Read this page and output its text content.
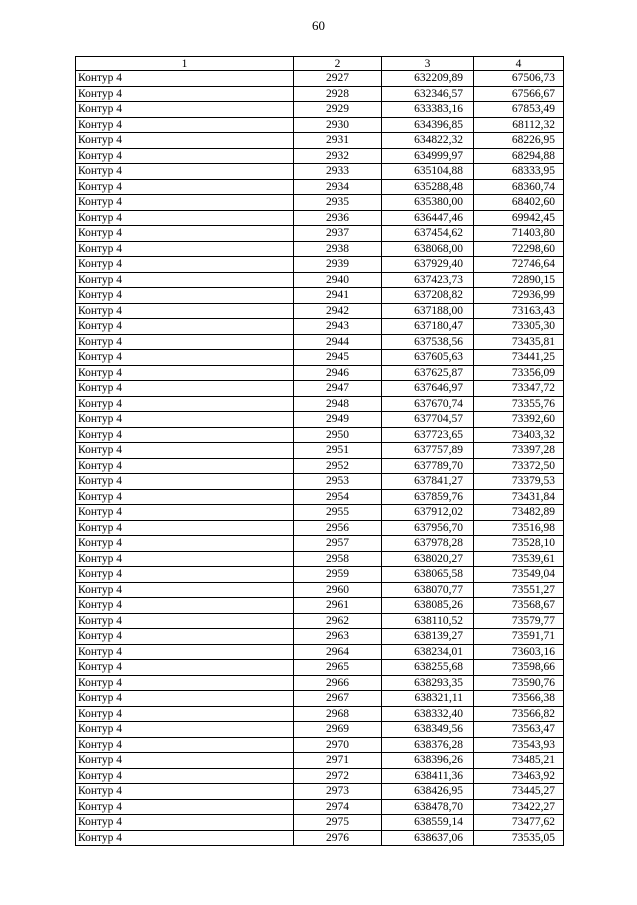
60
1	2	3	4
Контур 4	2927	632209,89	67506,73
Контур 4	2928	632346,57	67566,67
Контур 4	2929	633383,16	67853,49
Контур 4	2930	634396,85	68112,32
Контур 4	2931	634822,32	68226,95
Контур 4	2932	634999,97	68294,88
Контур 4	2933	635104,88	68333,95
Контур 4	2934	635288,48	68360,74
Контур 4	2935	635380,00	68402,60
Контур 4	2936	636447,46	69942,45
Контур 4	2937	637454,62	71403,80
Контур 4	2938	638068,00	72298,60
Контур 4	2939	637929,40	72746,64
Контур 4	2940	637423,73	72890,15
Контур 4	2941	637208,82	72936,99
Контур 4	2942	637188,00	73163,43
Контур 4	2943	637180,47	73305,30
Контур 4	2944	637538,56	73435,81
Контур 4	2945	637605,63	73441,25
Контур 4	2946	637625,87	73356,09
Контур 4	2947	637646,97	73347,72
Контур 4	2948	637670,74	73355,76
Контур 4	2949	637704,57	73392,60
Контур 4	2950	637723,65	73403,32
Контур 4	2951	637757,89	73397,28
Контур 4	2952	637789,70	73372,50
Контур 4	2953	637841,27	73379,53
Контур 4	2954	637859,76	73431,84
Контур 4	2955	637912,02	73482,89
Контур 4	2956	637956,70	73516,98
Контур 4	2957	637978,28	73528,10
Контур 4	2958	638020,27	73539,61
Контур 4	2959	638065,58	73549,04
Контур 4	2960	638070,77	73551,27
Контур 4	2961	638085,26	73568,67
Контур 4	2962	638110,52	73579,77
Контур 4	2963	638139,27	73591,71
Контур 4	2964	638234,01	73603,16
Контур 4	2965	638255,68	73598,66
Контур 4	2966	638293,35	73590,76
Контур 4	2967	638321,11	73566,38
Контур 4	2968	638332,40	73566,82
Контур 4	2969	638349,56	73563,47
Контур 4	2970	638376,28	73543,93
Контур 4	2971	638396,26	73485,21
Контур 4	2972	638411,36	73463,92
Контур 4	2973	638426,95	73445,27
Контур 4	2974	638478,70	73422,27
Контур 4	2975	638559,14	73477,62
Контур 4	2976	638637,06	73535,05
